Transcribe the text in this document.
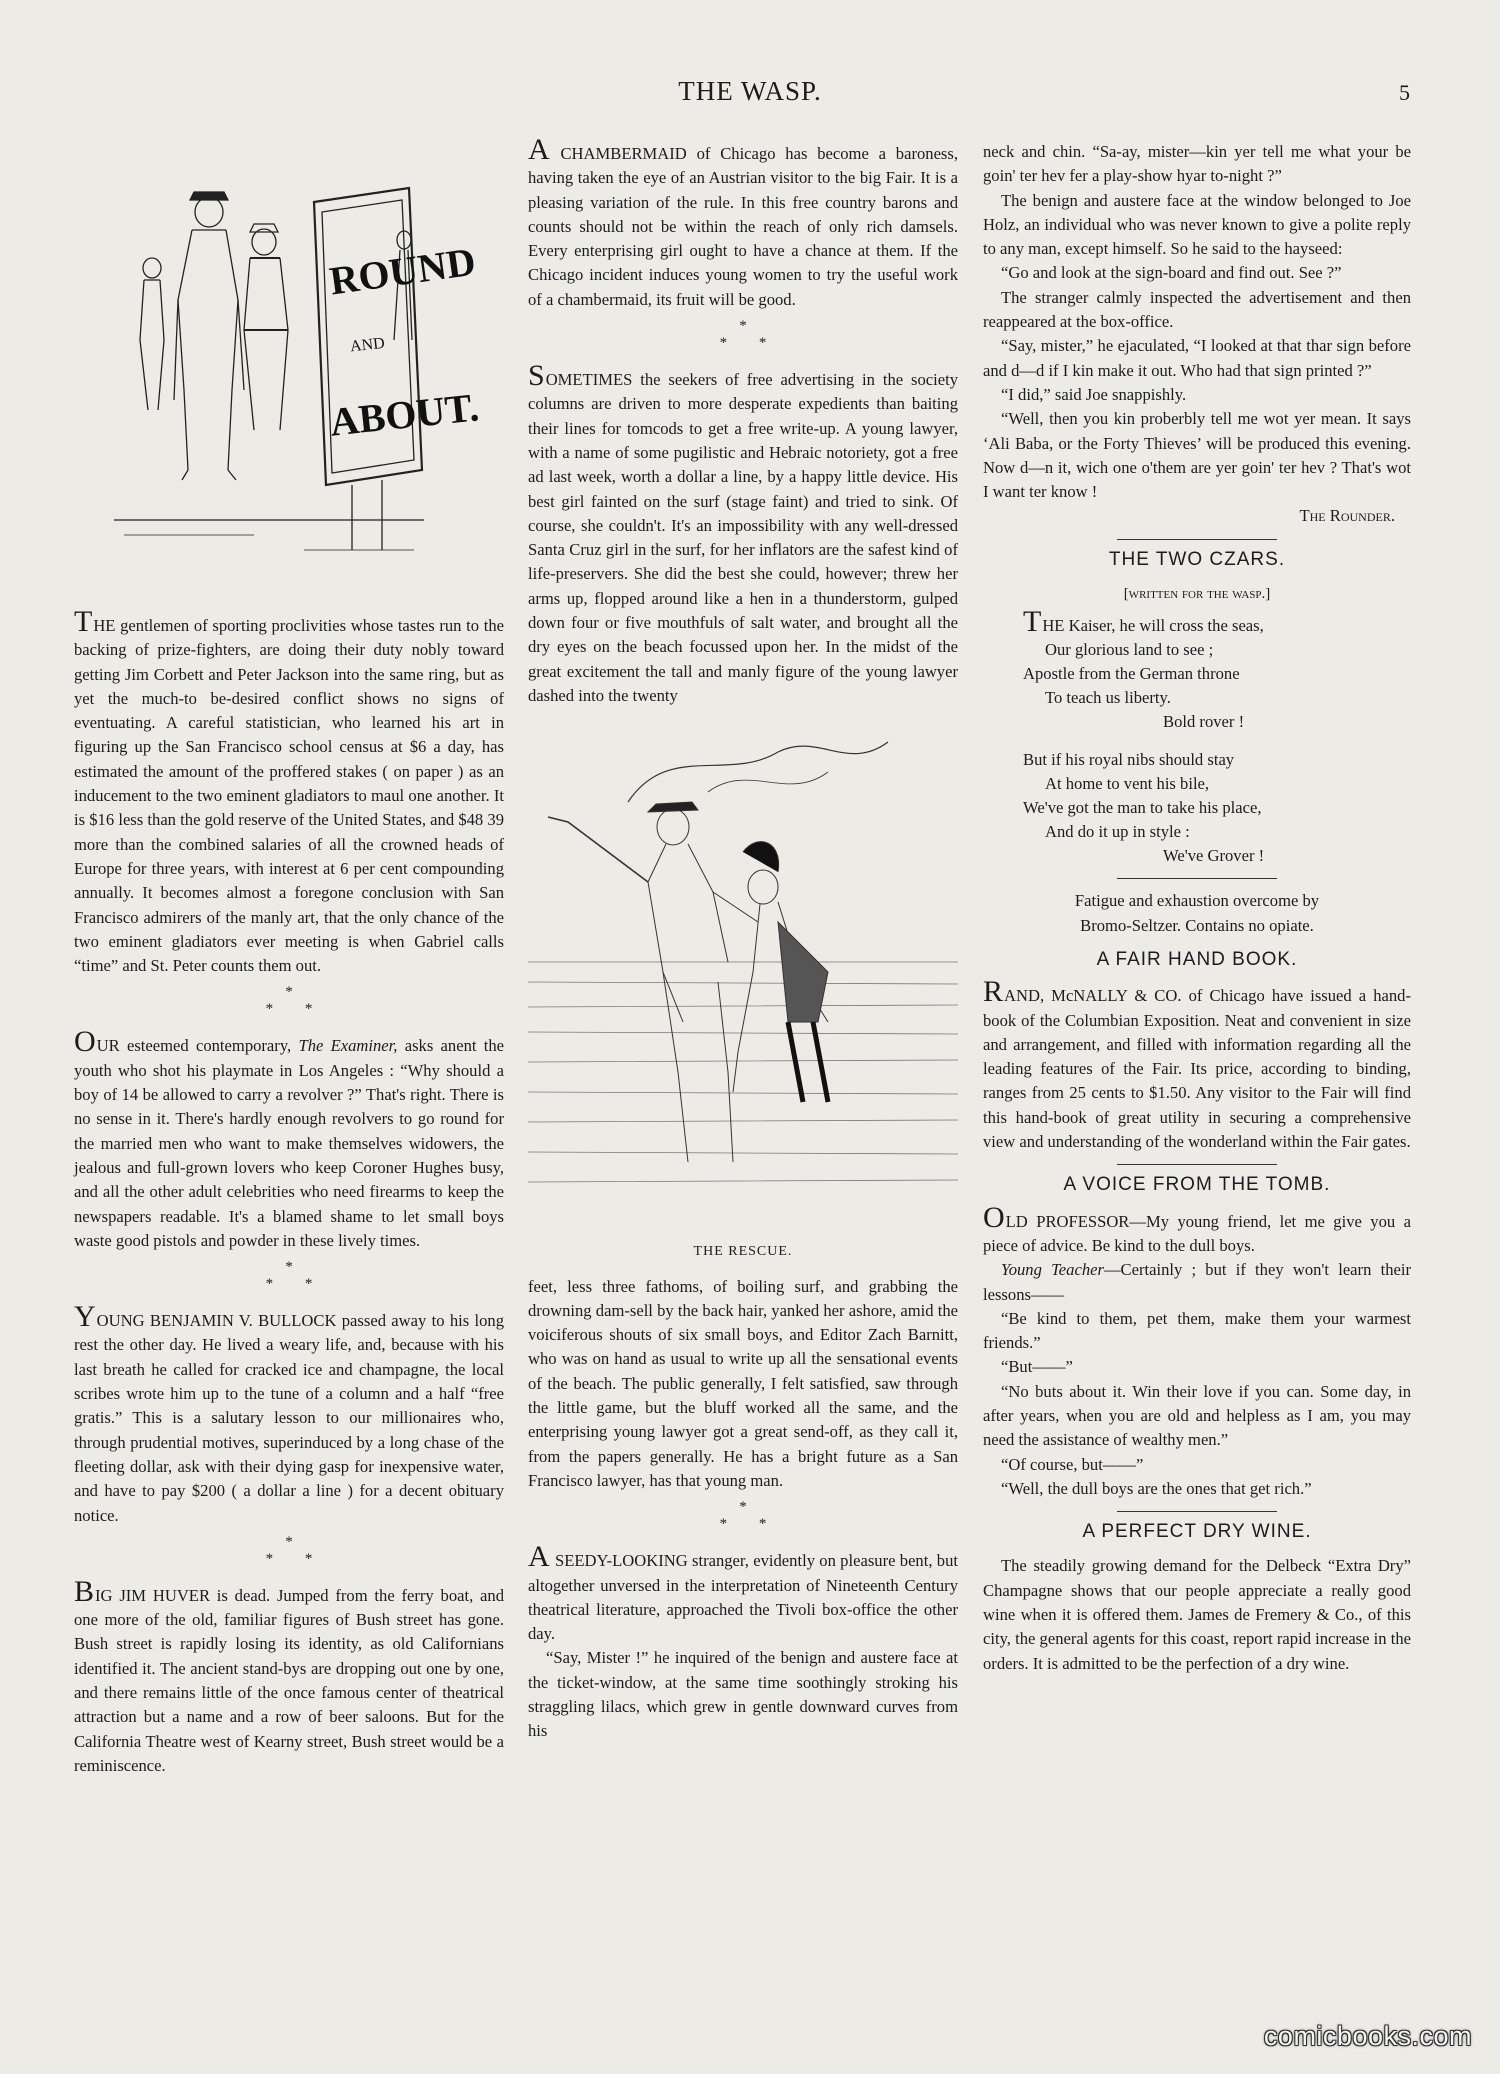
THE WASP.	5
ROUND
AND
ABOUT.

THE gentlemen of sporting proclivities whose tastes run to the backing of prize-fighters, are doing their duty nobly toward getting Jim Corbett and Peter Jackson into the same ring, but as yet the much-to be-desired conflict shows no signs of eventuating. A careful statistician, who learned his art in figuring up the San Francisco school census at $6 a day, has estimated the amount of the proffered stakes ( on paper ) as an inducement to the two eminent gladiators to maul one another. It is $16 less than the gold reserve of the United States, and $48 39 more than the combined salaries of all the crowned heads of Europe for three years, with interest at 6 per cent compounding annually. It becomes almost a foregone conclusion with San Francisco admirers of the manly art, that the only chance of the two eminent gladiators ever meeting is when Gabriel calls “time” and St. Peter counts them out.

*
* *

OUR esteemed contemporary, The Examiner, asks anent the youth who shot his playmate in Los Angeles : “Why should a boy of 14 be allowed to carry a revolver ?” That's right. There is no sense in it. There's hardly enough revolvers to go round for the married men who want to make themselves widowers, the jealous and full-grown lovers who keep Coroner Hughes busy, and all the other adult celebrities who need firearms to keep the newspapers readable. It's a blamed shame to let small boys waste good pistols and powder in these lively times.

*
* *

YOUNG BENJAMIN V. BULLOCK passed away to his long rest the other day. He lived a weary life, and, because with his last breath he called for cracked ice and champagne, the local scribes wrote him up to the tune of a column and a half “free gratis.” This is a salutary lesson to our millionaires who, through prudential motives, superinduced by a long chase of the fleeting dollar, ask with their dying gasp for inexpensive water, and have to pay $200 ( a dollar a line ) for a decent obituary notice.

*
* *

BIG JIM HUVER is dead. Jumped from the ferry boat, and one more of the old, familiar figures of Bush street has gone. Bush street is rapidly losing its identity, as old Californians identified it. The ancient stand-bys are dropping out one by one, and there remains little of the once famous center of theatrical attraction but a name and a row of beer saloons. But for the California Theatre west of Kearny street, Bush street would be a reminiscence.

A CHAMBERMAID of Chicago has become a baroness, having taken the eye of an Austrian visitor to the big Fair. It is a pleasing variation of the rule. In this free country barons and counts should not be within the reach of only rich damsels. Every enterprising girl ought to have a chance at them. If the Chicago incident induces young women to try the useful work of a chambermaid, its fruit will be good.

*
* *

SOMETIMES the seekers of free advertising in the society columns are driven to more desperate expedients than baiting their lines for tomcods to get a free write-up. A young lawyer, with a name of some pugilistic and Hebraic notoriety, got a free ad last week, worth a dollar a line, by a happy little device. His best girl fainted on the surf (stage faint) and tried to sink. Of course, she couldn't. It's an impossibility with any well-dressed Santa Cruz girl in the surf, for her inflators are the safest kind of life-preservers. She did the best she could, however; threw her arms up, flopped around like a hen in a thunderstorm, gulped down four or five mouthfuls of salt water, and brought all the dry eyes on the beach focussed upon her. In the midst of the great excitement the tall and manly figure of the young lawyer dashed into the twenty

THE RESCUE.

feet, less three fathoms, of boiling surf, and grabbing the drowning dam-sell by the back hair, yanked her ashore, amid the voiciferous shouts of six small boys, and Editor Zach Barnitt, who was on hand as usual to write up all the sensational events of the beach. The public generally, I felt satisfied, saw through the little game, but the bluff worked all the same, and the enterprising young lawyer got a great send-off, as they call it, from the papers generally. He has a bright future as a San Francisco lawyer, has that young man.

*
* *

A SEEDY-LOOKING stranger, evidently on pleasure bent, but altogether unversed in the interpretation of Nineteenth Century theatrical literature, approached the Tivoli box-office the other day.

“Say, Mister !” he inquired of the benign and austere face at the ticket-window, at the same time soothingly stroking his straggling lilacs, which grew in gentle downward curves from his

neck and chin. “Sa-ay, mister—kin yer tell me what your be goin' ter hev fer a play-show hyar to-night ?”

The benign and austere face at the window belonged to Joe Holz, an individual who was never known to give a polite reply to any man, except himself. So he said to the hayseed:

“Go and look at the sign-board and find out. See ?”

The stranger calmly inspected the advertisement and then reappeared at the box-office.

“Say, mister,” he ejaculated, “I looked at that thar sign before and d—d if I kin make it out. Who had that sign printed ?”

“I did,” said Joe snappishly.

“Well, then you kin proberbly tell me wot yer mean. It says ‘Ali Baba, or the Forty Thieves’ will be produced this evening. Now d—n it, wich one o'them are yer goin' ter hev ? That's wot I want ter know !

The Rounder.
THE TWO CZARS.
[written for the wasp.]
THE Kaiser, he will cross the seas,
Our glorious land to see ;
Apostle from the German throne
To teach us liberty.
Bold rover !
But if his royal nibs should stay
At home to vent his bile,
We've got the man to take his place,
And do it up in style :
We've Grover !
Fatigue and exhaustion overcome by
Bromo-Seltzer. Contains no opiate.
A FAIR HAND BOOK.

RAND, McNALLY & CO. of Chicago have issued a hand-book of the Columbian Exposition. Neat and convenient in size and arrangement, and filled with information regarding all the leading features of the Fair. Its price, according to binding, ranges from 25 cents to $1.50. Any visitor to the Fair will find this hand-book of great utility in securing a comprehensive view and understanding of the wonderland within the Fair gates.

A VOICE FROM THE TOMB.

OLD PROFESSOR—My young friend, let me give you a piece of advice. Be kind to the dull boys.

Young Teacher—Certainly ; but if they won't learn their lessons——

“Be kind to them, pet them, make them your warmest friends.”

“But——”

“No buts about it. Win their love if you can. Some day, in after years, when you are old and helpless as I am, you may need the assistance of wealthy men.”

“Of course, but——”

“Well, the dull boys are the ones that get rich.”

A PERFECT DRY WINE.

The steadily growing demand for the Delbeck “Extra Dry” Champagne shows that our people appreciate a really good wine when it is offered them. James de Fremery & Co., of this city, the general agents for this coast, report rapid increase in the orders. It is admitted to be the perfection of a dry wine.

comicbooks.com
